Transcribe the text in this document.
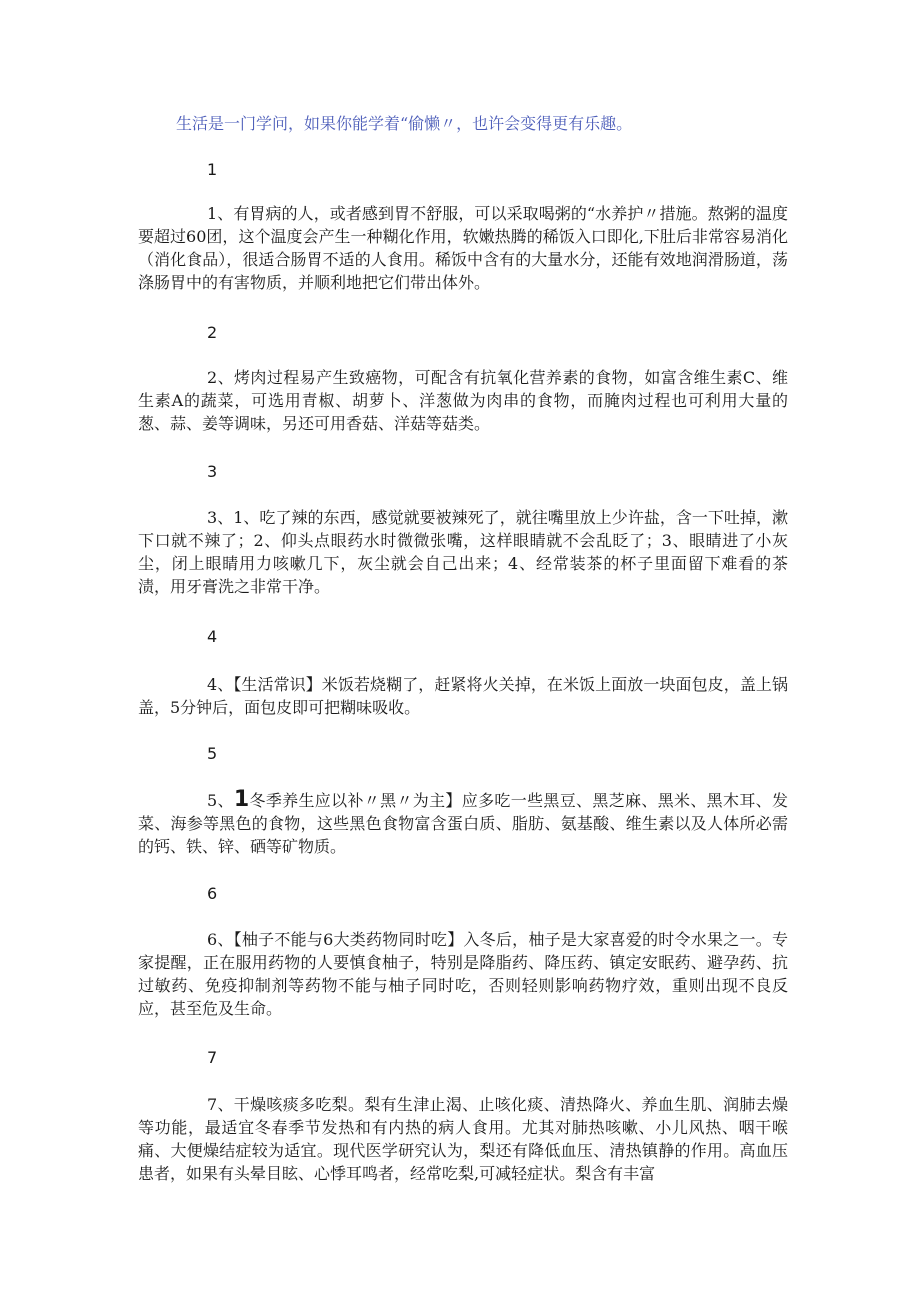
生活是一门学问，如果你能学着“偷懒〃，也许会变得更有乐趣。
1
1、有胃病的人，或者感到胃不舒服，可以采取喝粥的“水养护〃措施。熬粥的温度要超过60团，这个温度会产生一种糊化作用，软嫩热腾的稀饭入口即化,下肚后非常容易消化（消化食品），很适合肠胃不适的人食用。稀饭中含有的大量水分，还能有效地润滑肠道，荡涤肠胃中的有害物质，并顺利地把它们带出体外。
2
2、烤肉过程易产生致癌物，可配含有抗氧化营养素的食物，如富含维生素C、维生素A的蔬菜，可选用青椒、胡萝卜、洋葱做为肉串的食物，而腌肉过程也可利用大量的葱、蒜、姜等调味，另还可用香菇、洋菇等菇类。
3
3、1、吃了辣的东西，感觉就要被辣死了，就往嘴里放上少许盐，含一下吐掉，漱下口就不辣了；2、仰头点眼药水时微微张嘴，这样眼睛就不会乱眨了；3、眼睛进了小灰尘，闭上眼睛用力咳嗽几下，灰尘就会自己出来；4、经常装茶的杯子里面留下难看的茶渍，用牙膏洗之非常干净。
4
4、【生活常识】米饭若烧糊了，赶紧将火关掉，在米饭上面放一块面包皮，盖上锅盖，5分钟后，面包皮即可把糊味吸收。
5
5、1冬季养生应以补〃黑〃为主】应多吃一些黑豆、黑芝麻、黑米、黑木耳、发菜、海参等黑色的食物，这些黑色食物富含蛋白质、脂肪、氨基酸、维生素以及人体所必需的钙、铁、锌、硒等矿物质。
6
6、【柚子不能与6大类药物同时吃】入冬后，柚子是大家喜爱的时令水果之一。专家提醒，正在服用药物的人要慎食柚子，特别是降脂药、降压药、镇定安眠药、避孕药、抗过敏药、免疫抑制剂等药物不能与柚子同时吃，否则轻则影响药物疗效，重则出现不良反应，甚至危及生命。
7
7、干燥咳痰多吃梨。梨有生津止渴、止咳化痰、清热降火、养血生肌、润肺去燥等功能，最适宜冬春季节发热和有内热的病人食用。尤其对肺热咳嗽、小儿风热、咽干喉痛、大便燥结症较为适宜。现代医学研究认为，梨还有降低血压、清热镇静的作用。高血压患者，如果有头晕目眩、心悸耳鸣者，经常吃梨,可减轻症状。梨含有丰富
